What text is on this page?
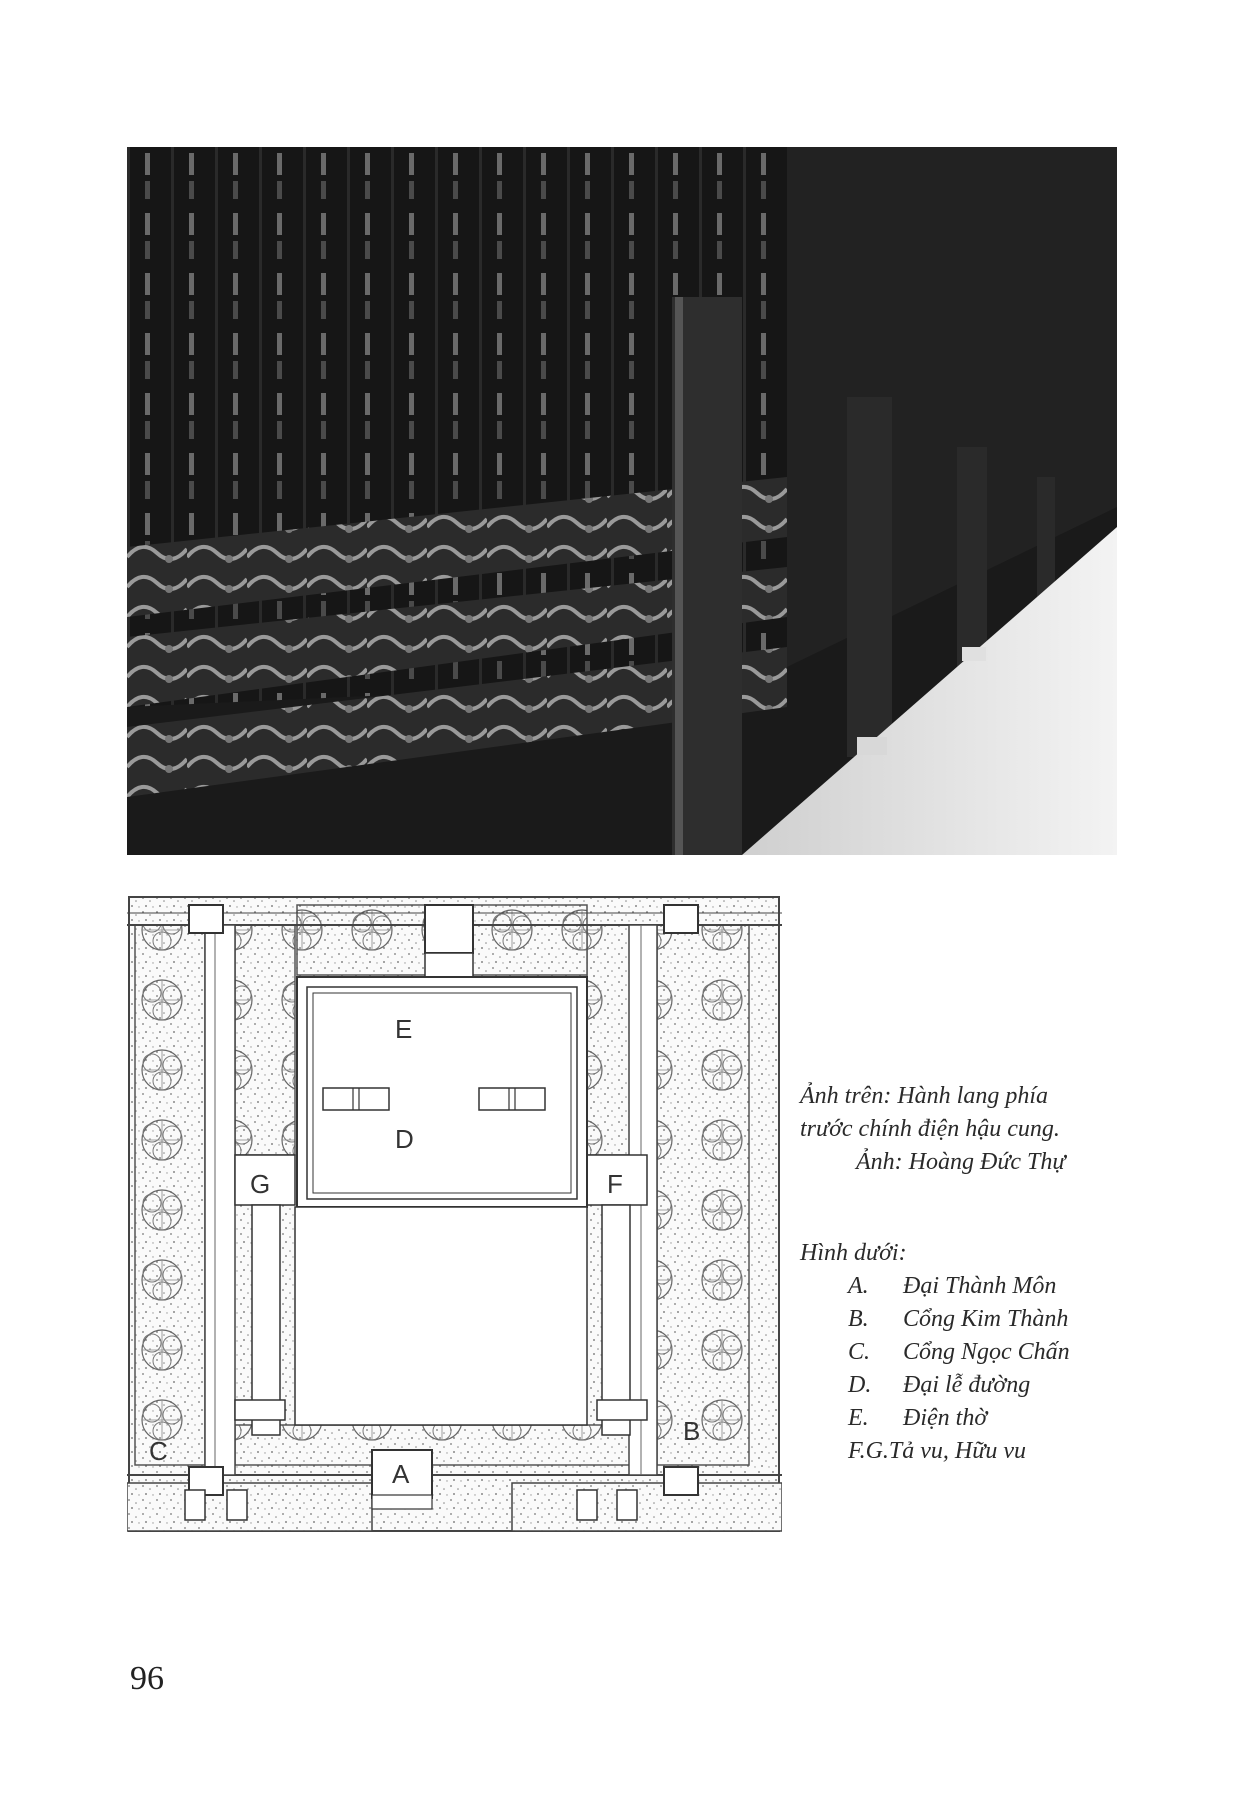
E
D
G	F
C
B
A
Ảnh trên: Hành lang phía
trước chính điện hậu cung.
Ảnh: Hoàng Đức Thự
Hình dưới:
A. Đại Thành Môn
B. Cổng Kim Thành
C. Cổng Ngọc Chấn
D. Đại lễ đường
E. Điện thờ
F.G.Tả vu, Hữu vu
96
